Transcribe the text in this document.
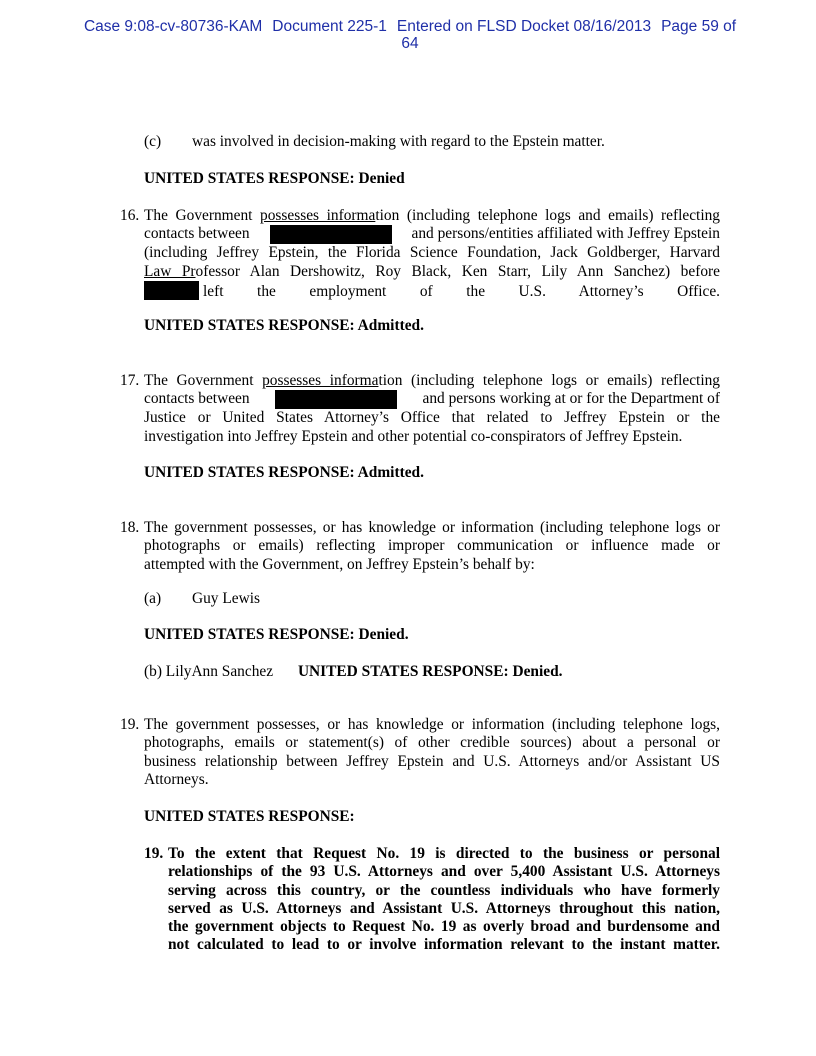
Case 9:08-cv-80736-KAM Document 225-1 Entered on FLSD Docket 08/16/2013 Page 59 of
64
(c) was involved in decision-making with regard to the Epstein matter.
UNITED STATES RESPONSE: Denied
16. The Government possesses information (including telephone logs and emails) reflecting
contacts between	and persons/entities affiliated with Jeffrey Epstein
(including Jeffrey Epstein, the Florida Science Foundation, Jack Goldberger, Harvard
Law Professor Alan Dershowitz, Roy Black, Ken Starr, Lily Ann Sanchez) before
left the employment of the U.S. Attorney’s Office.
UNITED STATES RESPONSE: Admitted.
17. The Government possesses information (including telephone logs or emails) reflecting
contacts between	and persons working at or for the Department of
Justice or United States Attorney’s Office that related to Jeffrey Epstein or the
investigation into Jeffrey Epstein and other potential co-conspirators of Jeffrey Epstein.
UNITED STATES RESPONSE: Admitted.
18. The government possesses, or has knowledge or information (including telephone logs or
photographs or emails) reflecting improper communication or influence made or
attempted with the Government, on Jeffrey Epstein’s behalf by:
(a) Guy Lewis
UNITED STATES RESPONSE: Denied.
(b) LilyAnn Sanchez UNITED STATES RESPONSE: Denied.
19. The government possesses, or has knowledge or information (including telephone logs,
photographs, emails or statement(s) of other credible sources) about a personal or
business relationship between Jeffrey Epstein and U.S. Attorneys and/or Assistant US
Attorneys.
UNITED STATES RESPONSE:
19. To the extent that Request No. 19 is directed to the business or personal
relationships of the 93 U.S. Attorneys and over 5,400 Assistant U.S. Attorneys
serving across this country, or the countless individuals who have formerly
served as U.S. Attorneys and Assistant U.S. Attorneys throughout this nation,
the government objects to Request No. 19 as overly broad and burdensome and
not calculated to lead to or involve information relevant to the instant matter.
